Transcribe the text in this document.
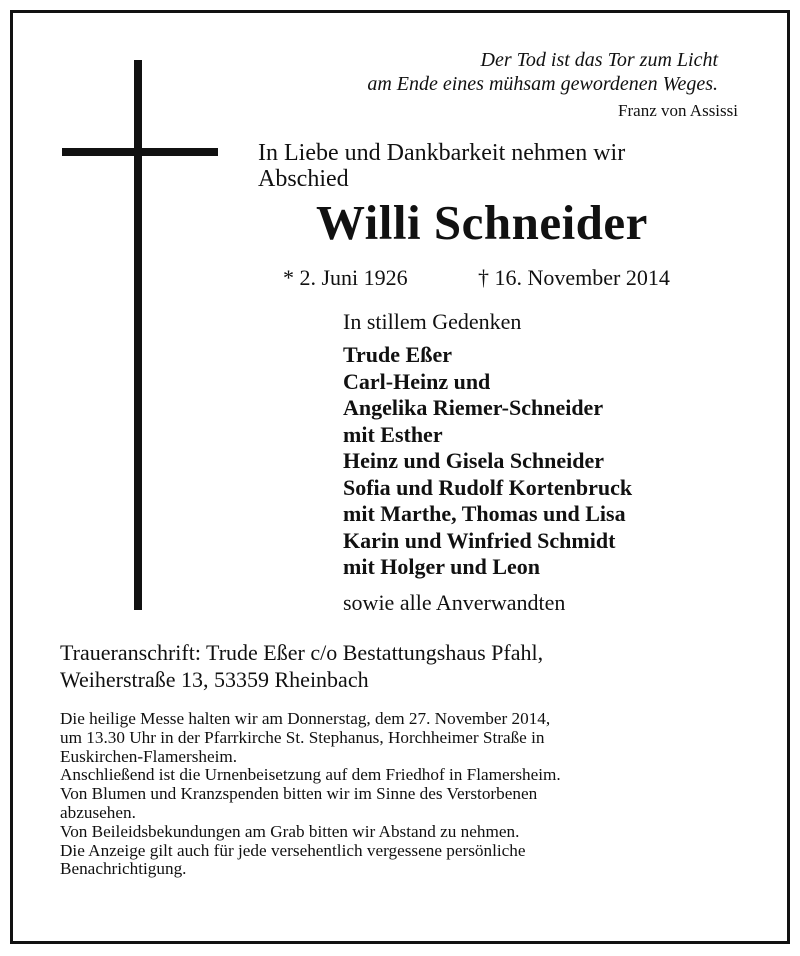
Der Tod ist das Tor zum Licht
am Ende eines mühsam gewordenen Weges.
Franz von Assissi
In Liebe und Dankbarkeit nehmen wir
Abschied
Willi Schneider
* 2. Juni 1926	† 16. November 2014
In stillem Gedenken
Trude Eßer
Carl-Heinz und
Angelika Riemer-Schneider
mit Esther
Heinz und Gisela Schneider
Sofia und Rudolf Kortenbruck
mit Marthe, Thomas und Lisa
Karin und Winfried Schmidt
mit Holger und Leon
sowie alle Anverwandten
Traueranschrift: Trude Eßer c/o Bestattungshaus Pfahl,
Weiherstraße 13, 53359 Rheinbach
Die heilige Messe halten wir am Donnerstag, dem 27. November 2014,
um 13.30 Uhr in der Pfarrkirche St. Stephanus, Horchheimer Straße in
Euskirchen-Flamersheim.
Anschließend ist die Urnenbeisetzung auf dem Friedhof in Flamersheim.
Von Blumen und Kranzspenden bitten wir im Sinne des Verstorbenen
abzusehen.
Von Beileidsbekundungen am Grab bitten wir Abstand zu nehmen.
Die Anzeige gilt auch für jede versehentlich vergessene persönliche
Benachrichtigung.
